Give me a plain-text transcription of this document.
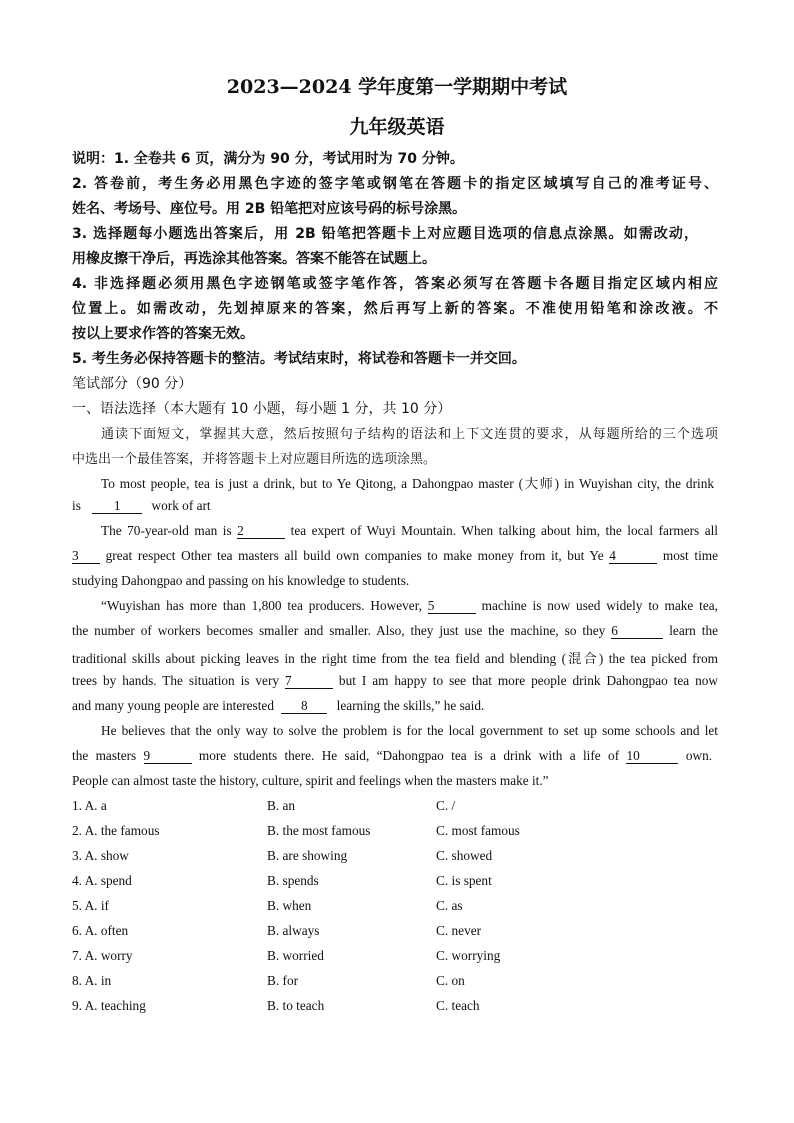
2023—2024 学年度第一学期期中考试
九年级英语
说明：1. 全卷共 6 页，满分为 90 分，考试用时为 70 分钟。
2. 答卷前，考生务必用黑色字迹的签字笔或钢笔在答题卡的指定区域填写自己的准考证号、
姓名、考场号、座位号。用 2B 铅笔把对应该号码的标号涂黑。
3. 选择题每小题选出答案后，用 2B 铅笔把答题卡上对应题目选项的信息点涂黑。如需改动，
用橡皮擦干净后，再选涂其他答案。答案不能答在试题上。
4. 非选择题必须用黑色字迹钢笔或签字笔作答，答案必须写在答题卡各题目指定区域内相应
位置上。如需改动，先划掉原来的答案，然后再写上新的答案。不准使用铅笔和涂改液。不
按以上要求作答的答案无效。
5. 考生务必保持答题卡的整洁。考试结束时，将试卷和答题卡一并交回。
笔试部分（90 分）
一、语法选择（本大题有 10 小题，每小题 1 分，共 10 分）
通读下面短文，掌握其大意，然后按照句子结构的语法和上下文连贯的要求，从每题所给的三个选项
中选出一个最佳答案，并将答题卡上对应题目所选的选项涂黑。
To most people, tea is just a drink, but to Ye Qitong, a Dahongpao master (大师) in Wuyishan city, the drink
is 1 work of art
The 70-year-old man is 2	tea expert of Wuyi Mountain. When talking about him, the local farmers all
3 great respect Other tea masters all build own companies to make money from it, but Ye 4	most time
studying Dahongpao and passing on his knowledge to students.
“Wuyishan has more than 1,800 tea producers. However, 5	machine is now used widely to make tea,
the number of workers becomes smaller and smaller. Also, they just use the machine, so they 6	learn the
traditional skills about picking leaves in the right time from the tea field and blending (混合) the tea picked from
trees by hands. The situation is very 7	but I am happy to see that more people drink Dahongpao tea now
and many young people are interested 8 learning the skills,” he said.
He believes that the only way to solve the problem is for the local government to set up some schools and let
the masters 9	more students there. He said, “Dahongpao tea is a drink with a life of 10	own.
People can almost taste the history, culture, spirit and feelings when the masters make it.”
1. A. a	B. an	C. /
2. A. the famous	B. the most famous	C. most famous
3. A. show	B. are showing	C. showed
4. A. spend	B. spends	C. is spent
5. A. if	B. when	C. as
6. A. often	B. always	C. never
7. A. worry	B. worried	C. worrying
8. A. in	B. for	C. on
9. A. teaching	B. to teach	C. teach
